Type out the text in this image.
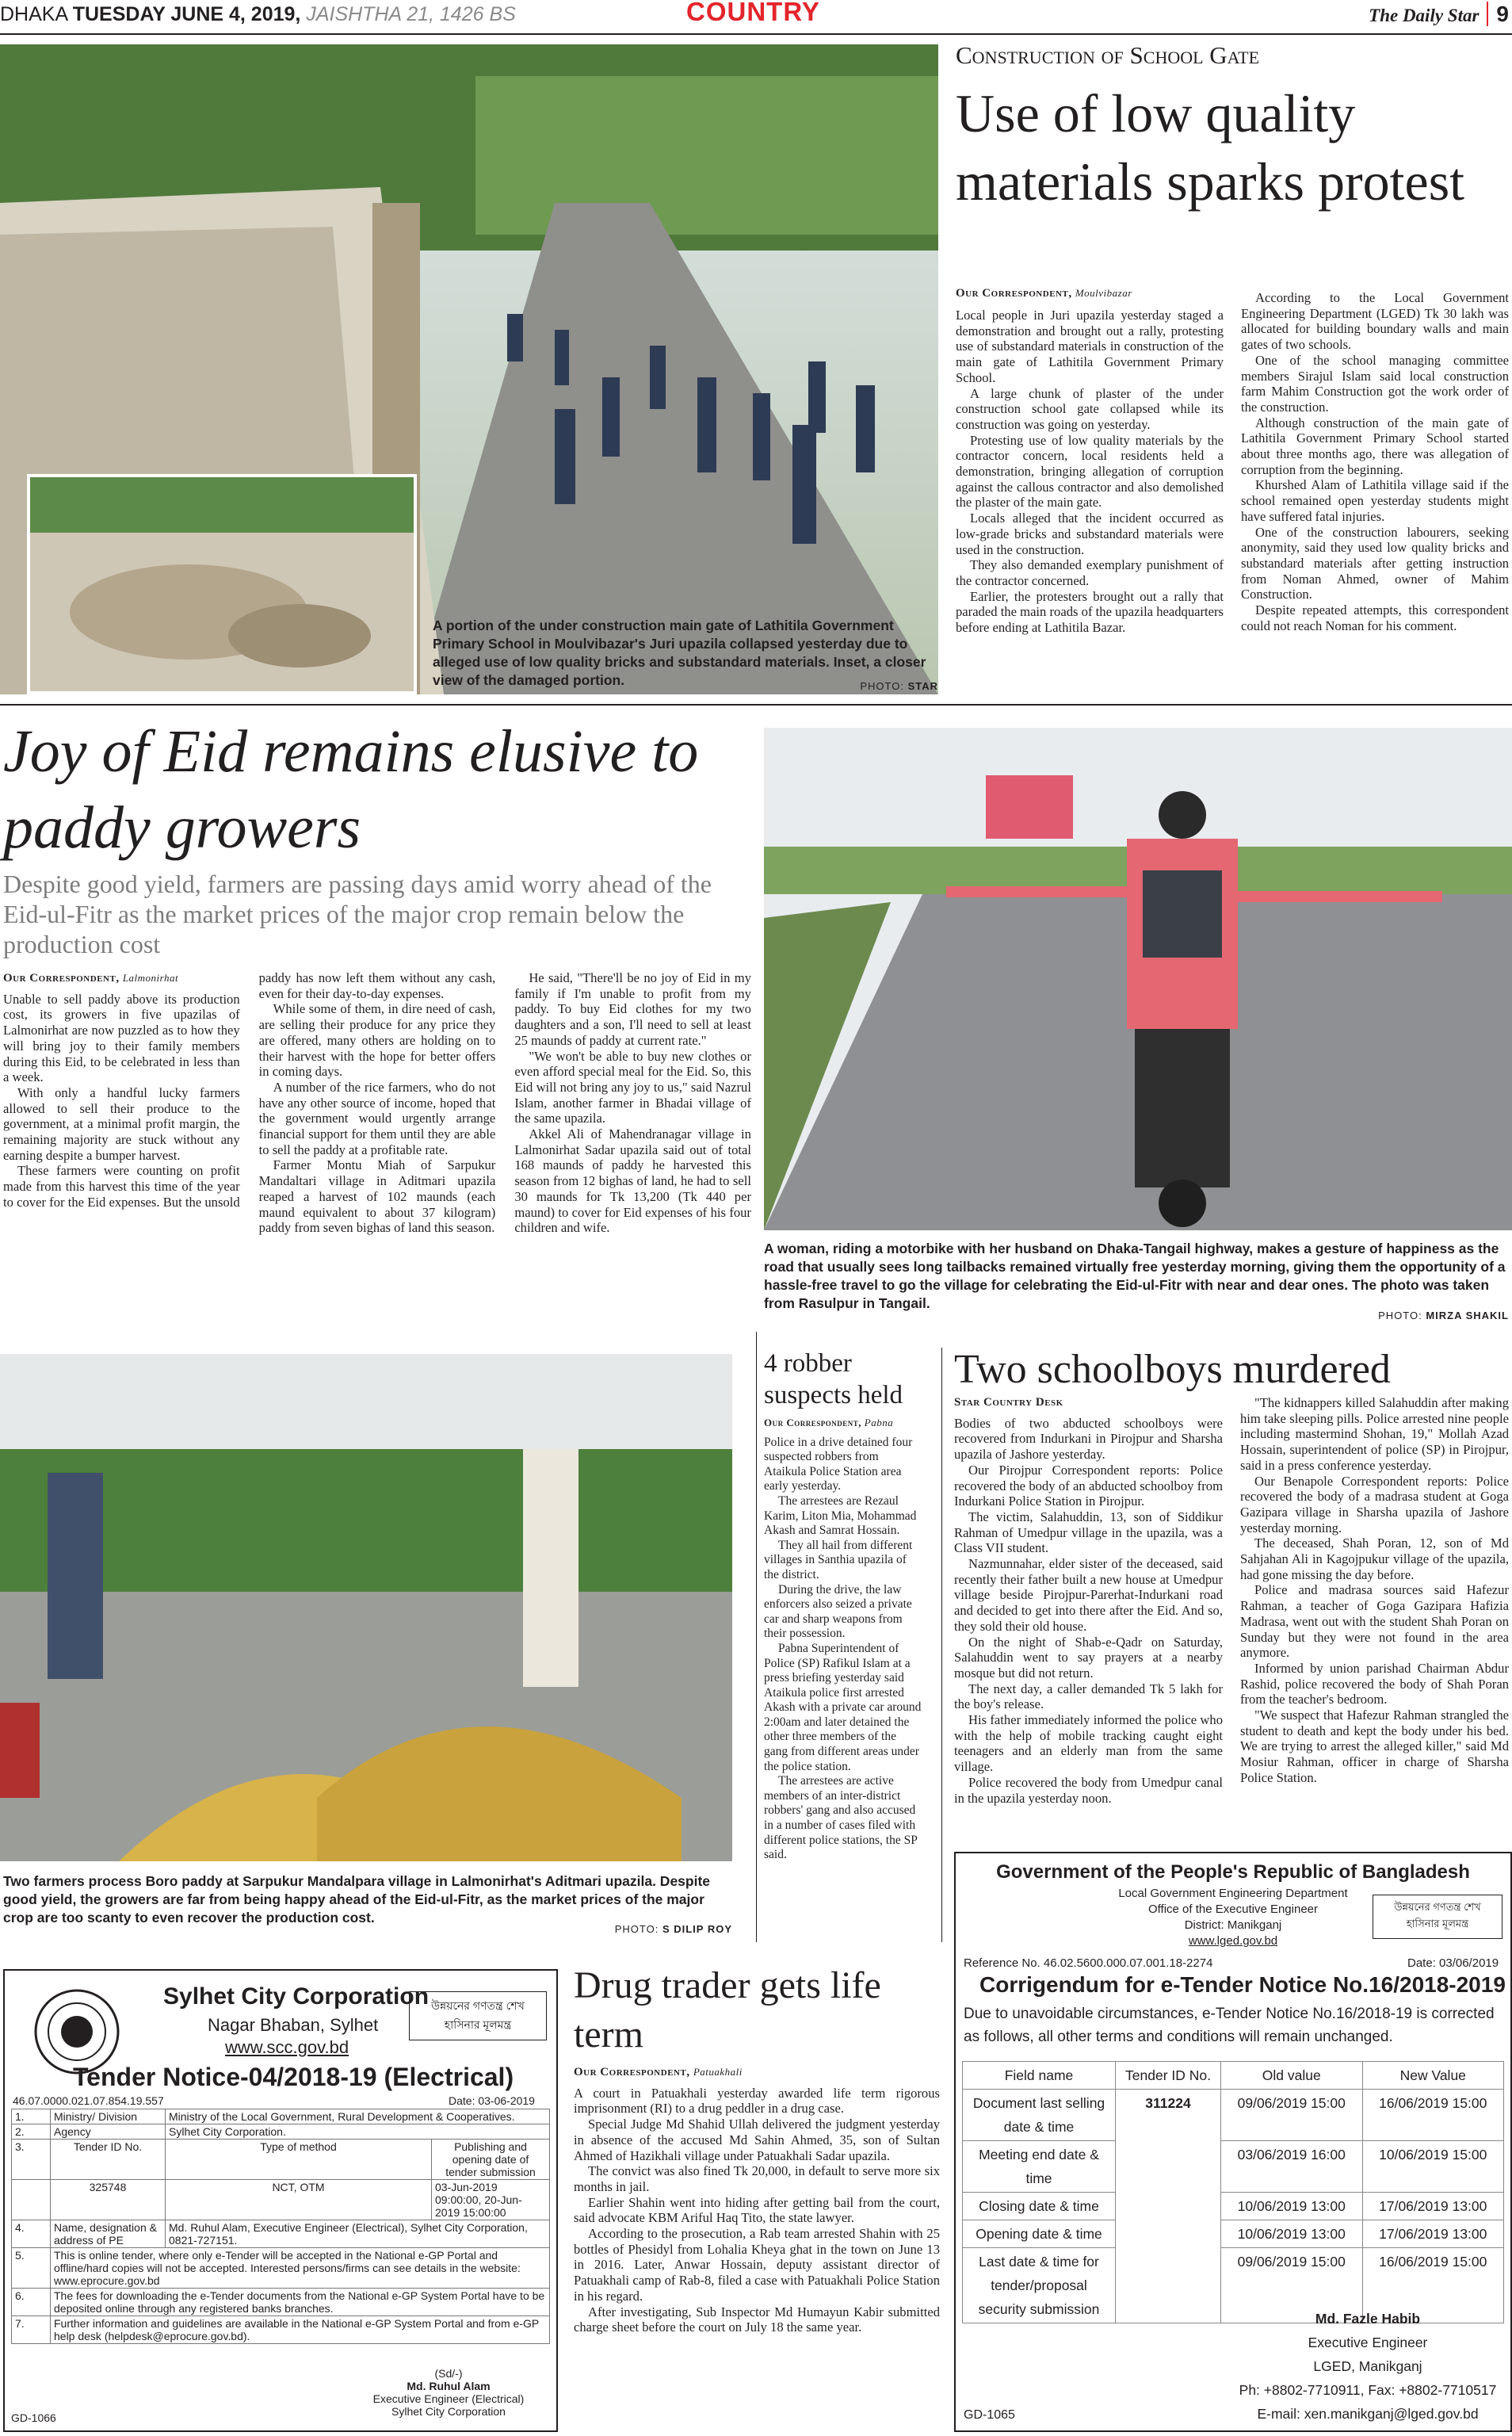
DHAKA TUESDAY JUNE 4, 2019, JAISHTHA 21, 1426 BS	COUNTRY	The Daily Star 9
A portion of the under construction main gate of Lathitila Government Primary School in Moulvibazar's Juri upazila collapsed yesterday due to alleged use of low quality bricks and substandard materials. Inset, a closer view of the damaged portion.	PHOTO: STAR
Construction of School Gate
Use of low quality materials sparks protest
Our Correspondent, Moulvibazar

Local people in Juri upazila yesterday staged a demonstration and brought out a rally, protesting use of substandard materials in construction of the main gate of Lathitila Government Primary School.

A large chunk of plaster of the under construction school gate collapsed while its construction was going on yesterday.

Protesting use of low quality materials by the contractor concern, local residents held a demonstration, bringing allegation of corruption against the callous contractor and also demolished the plaster of the main gate.

Locals alleged that the incident occurred as low-grade bricks and substandard materials were used in the construction.

They also demanded exemplary punishment of the contractor concerned.

Earlier, the protesters brought out a rally that paraded the main roads of the upazila headquarters before ending at Lathitila Bazar.

According to the Local Government Engineering Department (LGED) Tk 30 lakh was allocated for building boundary walls and main gates of two schools.

One of the school managing committee members Sirajul Islam said local construction farm Mahim Construction got the work order of the construction.

Although construction of the main gate of Lathitila Government Primary School started about three months ago, there was allegation of corruption from the beginning.

Khurshed Alam of Lathitila village said if the school remained open yesterday students might have suffered fatal injuries.

One of the construction labourers, seeking anonymity, said they used low quality bricks and substandard materials after getting instruction from Noman Ahmed, owner of Mahim Construction.

Despite repeated attempts, this correspondent could not reach Noman for his comment.

Joy of Eid remains elusive to paddy growers
Despite good yield, farmers are passing days amid worry ahead of the Eid-ul-Fitr as the market prices of the major crop remain below the production cost
Our Correspondent, Lalmonirhat

Unable to sell paddy above its production cost, its growers in five upazilas of Lalmonirhat are now puzzled as to how they will bring joy to their family members during this Eid, to be celebrated in less than a week.

With only a handful lucky farmers allowed to sell their produce to the government, at a minimal profit margin, the remaining majority are stuck without any earning despite a bumper harvest.

These farmers were counting on profit made from this harvest this time of the year to cover for the Eid expenses. But the unsold paddy has now left them without any cash, even for their day-to-day expenses.

While some of them, in dire need of cash, are selling their produce for any price they are offered, many others are holding on to their harvest with the hope for better offers in coming days.

A number of the rice farmers, who do not have any other source of income, hoped that the government would urgently arrange financial support for them until they are able to sell the paddy at a profitable rate.

Farmer Montu Miah of Sarpukur Mandaltari village in Aditmari upazila reaped a harvest of 102 maunds (each maund equivalent to about 37 kilogram) paddy from seven bighas of land this season.

He said, "There'll be no joy of Eid in my family if I'm unable to profit from my paddy. To buy Eid clothes for my two daughters and a son, I'll need to sell at least 25 maunds of paddy at current rate."

"We won't be able to buy new clothes or even afford special meal for the Eid. So, this Eid will not bring any joy to us," said Nazrul Islam, another farmer in Bhadai village of the same upazila.

Akkel Ali of Mahendranagar village in Lalmonirhat Sadar upazila said out of total 168 maunds of paddy he harvested this season from 12 bighas of land, he had to sell 30 maunds for Tk 13,200 (Tk 440 per maund) to cover for Eid expenses of his four children and wife.

Two farmers process Boro paddy at Sarpukur Mandalpara village in Lalmonirhat's Aditmari upazila. Despite good yield, the growers are far from being happy ahead of the Eid-ul-Fitr, as the market prices of the major crop are too scanty to even recover the production cost.
PHOTO: S DILIP ROY
A woman, riding a motorbike with her husband on Dhaka-Tangail highway, makes a gesture of happiness as the road that usually sees long tailbacks remained virtually free yesterday morning, giving them the opportunity of a hassle-free travel to go the village for celebrating the Eid-ul-Fitr with near and dear ones. The photo was taken from Rasulpur in Tangail.
PHOTO: MIRZA SHAKIL
4 robber suspects held
Our Correspondent, Pabna

Police in a drive detained four suspected robbers from Ataikula Police Station area early yesterday.

The arrestees are Rezaul Karim, Liton Mia, Mohammad Akash and Samrat Hossain.

They all hail from different villages in Santhia upazila of the district.

During the drive, the law enforcers also seized a private car and sharp weapons from their possession.

Pabna Superintendent of Police (SP) Rafikul Islam at a press briefing yesterday said Ataikula police first arrested Akash with a private car around 2:00am and later detained the other three members of the gang from different areas under the police station.

The arrestees are active members of an inter-district robbers' gang and also accused in a number of cases filed with different police stations, the SP said.

Two schoolboys murdered
Star Country Desk

Bodies of two abducted schoolboys were recovered from Indurkani in Pirojpur and Sharsha upazila of Jashore yesterday.

Our Pirojpur Correspondent reports: Police recovered the body of an abducted schoolboy from Indurkani Police Station in Pirojpur.

The victim, Salahuddin, 13, son of Siddikur Rahman of Umedpur village in the upazila, was a Class VII student.

Nazmunnahar, elder sister of the deceased, said recently their father built a new house at Umedpur village beside Pirojpur-Parerhat-Indurkani road and decided to get into there after the Eid. And so, they sold their old house.

On the night of Shab-e-Qadr on Saturday, Salahuddin went to say prayers at a nearby mosque but did not return.

The next day, a caller demanded Tk 5 lakh for the boy's release.

His father immediately informed the police who with the help of mobile tracking caught eight teenagers and an elderly man from the same village.

Police recovered the body from Umedpur canal in the upazila yesterday noon.

"The kidnappers killed Salahuddin after making him take sleeping pills. Police arrested nine people including mastermind Shohan, 19," Mollah Azad Hossain, superintendent of police (SP) in Pirojpur, said in a press conference yesterday.

Our Benapole Correspondent reports: Police recovered the body of a madrasa student at Goga Gazipara village in Sharsha upazila of Jashore yesterday morning.

The deceased, Shah Poran, 12, son of Md Sahjahan Ali in Kagojpukur village of the upazila, had gone missing the day before.

Police and madrasa sources said Hafezur Rahman, a teacher of Goga Gazipara Hafizia Madrasa, went out with the student Shah Poran on Sunday but they were not found in the area anymore.

Informed by union parishad Chairman Abdur Rashid, police recovered the body of Shah Poran from the teacher's bedroom.

"We suspect that Hafezur Rahman strangled the student to death and kept the body under his bed. We are trying to arrest the alleged killer," said Md Mosiur Rahman, officer in charge of Sharsha Police Station.

Sylhet City Corporation
Nagar Bhaban, Sylhet
www.scc.gov.bd
উন্নয়নের গণতন্ত্র শেখ হাসিনার মূলমন্ত্র
Tender Notice-04/2018-19 (Electrical)
46.07.0000.021.07.854.19.557	Date: 03-06-2019
1.	Ministry/ Division	Ministry of the Local Government, Rural Development & Cooperatives.	
2.	Agency	Sylhet City Corporation.	
3.	Tender ID No.	Type of method	Publishing and opening date of tender submission
	325748	NCT, OTM	03-Jun-2019 09:00:00, 20-Jun-2019 15:00:00
4.	Name, designation & address of PE	Md. Ruhul Alam, Executive Engineer (Electrical), Sylhet City Corporation, 0821-727151.	
5.	This is online tender, where only e-Tender will be accepted in the National e-GP Portal and offline/hard copies will not be accepted. Interested persons/firms can see details in the website: www.eprocure.gov.bd		
6.	The fees for downloading the e-Tender documents from the National e-GP System Portal have to be deposited online through any registered banks branches.		
7.	Further information and guidelines are available in the National e-GP System Portal and from e-GP help desk (helpdesk@eprocure.gov.bd).		
(Sd/-)
Md. Ruhul Alam
Executive Engineer (Electrical)
Sylhet City Corporation
GD-1066
Drug trader gets life term
Our Correspondent, Patuakhali

A court in Patuakhali yesterday awarded life term rigorous imprisonment (RI) to a drug peddler in a drug case.

Special Judge Md Shahid Ullah delivered the judgment yesterday in absence of the accused Md Sahin Ahmed, 35, son of Sultan Ahmed of Hazikhali village under Patuakhali Sadar upazila.

The convict was also fined Tk 20,000, in default to serve more six months in jail.

Earlier Shahin went into hiding after getting bail from the court, said advocate KBM Ariful Haq Tito, the state lawyer.

According to the prosecution, a Rab team arrested Shahin with 25 bottles of Phesidyl from Lohalia Kheya ghat in the town on June 13 in 2016. Later, Anwar Hossain, deputy assistant director of Patuakhali camp of Rab-8, filed a case with Patuakhali Police Station in his regard.

After investigating, Sub Inspector Md Humayun Kabir submitted charge sheet before the court on July 18 the same year.

Government of the People's Republic of Bangladesh
Local Government Engineering Department
Office of the Executive Engineer
District: Manikganj
www.lged.gov.bd
উন্নয়নের গণতন্ত্র শেখ হাসিনার মূলমন্ত্র
Reference No. 46.02.5600.000.07.001.18-2274	Date: 03/06/2019
Corrigendum for e-Tender Notice No.16/2018-2019
Due to unavoidable circumstances, e-Tender Notice No.16/2018-19 is corrected as follows, all other terms and conditions will remain unchanged.
Field name	Tender ID No.	Old value	New Value
Document last selling date & time	311224	09/06/2019 15:00	16/06/2019 15:00
Meeting end date & time		03/06/2019 16:00	10/06/2019 15:00
Closing date & time		10/06/2019 13:00	17/06/2019 13:00
Opening date & time		10/06/2019 13:00	17/06/2019 13:00
Last date & time for tender/proposal security submission		09/06/2019 15:00	16/06/2019 15:00
Md. Fazle Habib
Executive Engineer
LGED, Manikganj
Ph: +8802-7710911, Fax: +8802-7710517
E-mail: xen.manikganj@lged.gov.bd
GD-1065
